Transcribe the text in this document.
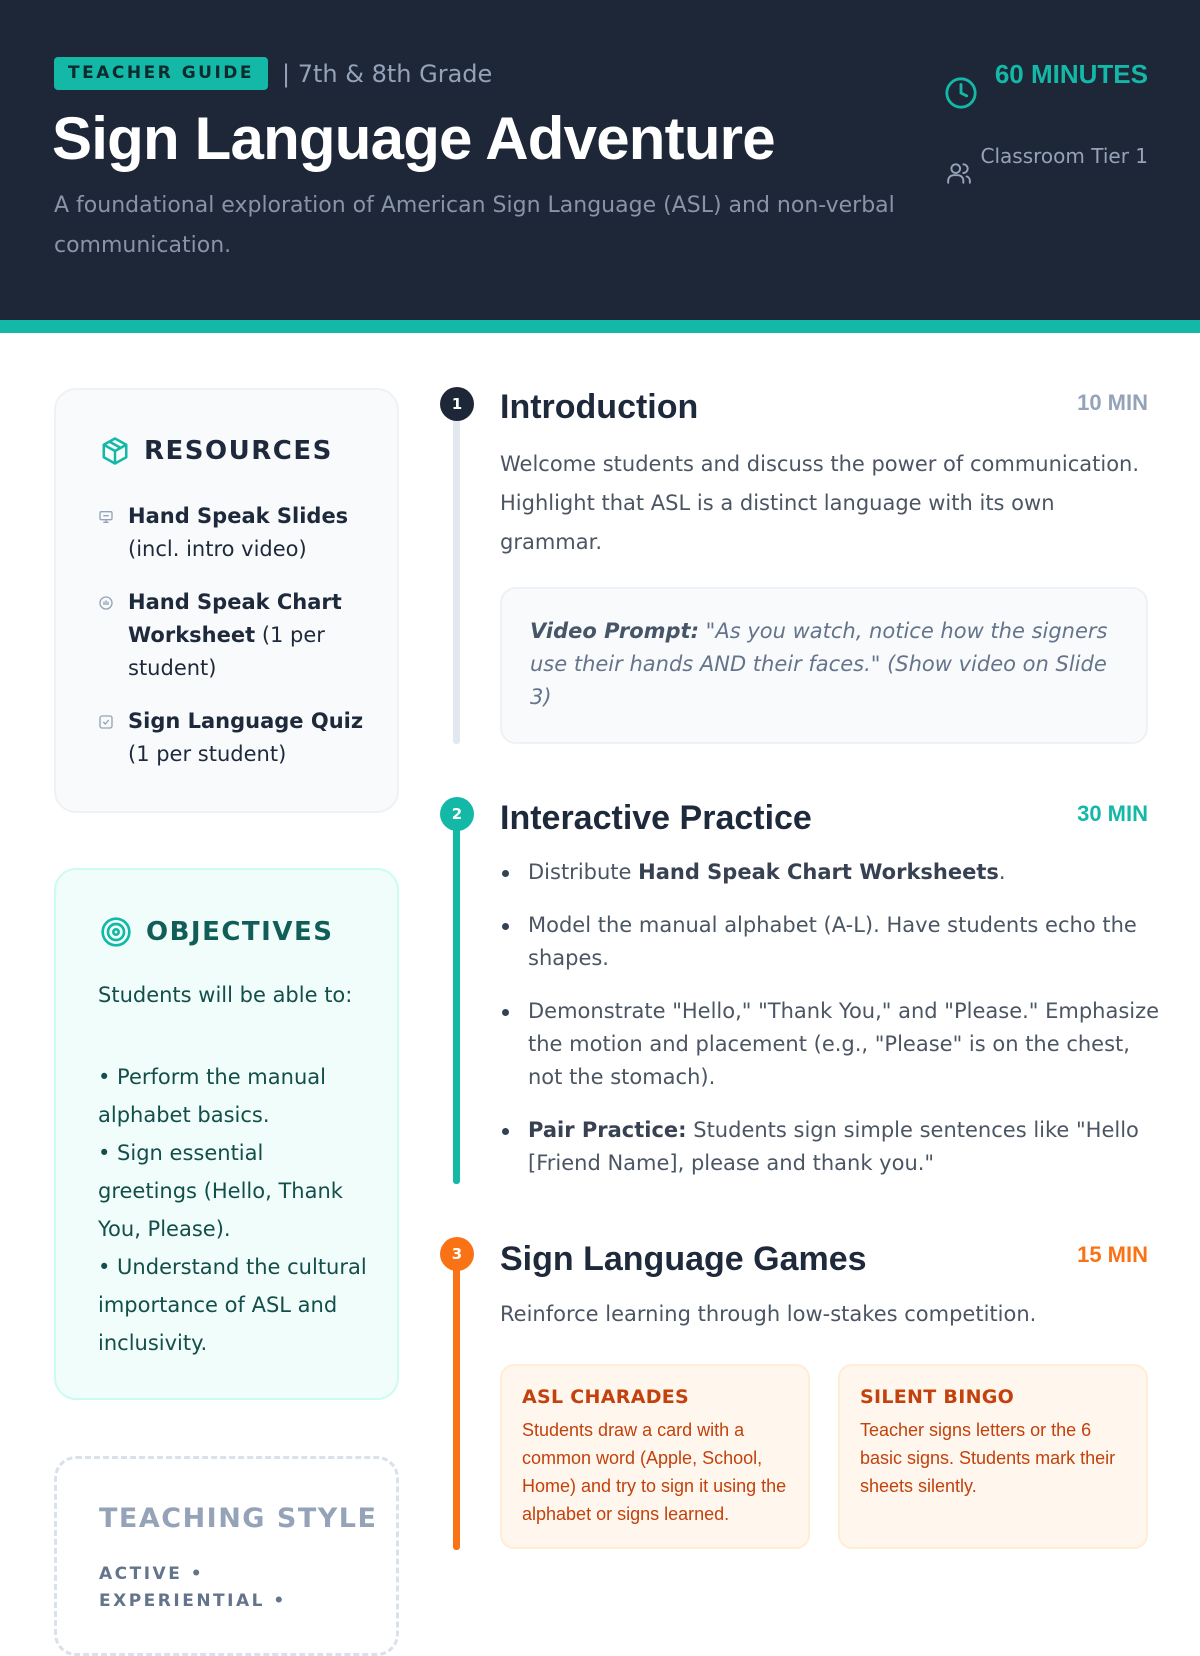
TEACHER GUIDE	| 7th & 8th Grade
Sign Language Adventure
A foundational exploration of American Sign Language (ASL) and non-verbal communication.
60 MINUTES
Classroom Tier 1
RESOURCES
Hand Speak Slides
(incl. intro video)
Hand Speak Chart Worksheet (1 per student)
Sign Language Quiz
(1 per student)
OBJECTIVES
Students will be able to:
• Perform the manual alphabet basics.
• Sign essential greetings (Hello, Thank You, Please).
• Understand the cultural importance of ASL and inclusivity.
TEACHING STYLE
ACTIVE • EXPERIENTIAL •
1	Introduction	10 MIN
Welcome students and discuss the power of communication. Highlight that ASL is a distinct language with its own grammar.
Video Prompt: "As you watch, notice how the signers use their hands AND their faces." (Show video on Slide 3)
2	Interactive Practice	30 MIN
Distribute Hand Speak Chart Worksheets.
Model the manual alphabet (A-L). Have students echo the shapes.
Demonstrate "Hello," "Thank You," and "Please." Emphasize the motion and placement (e.g., "Please" is on the chest, not the stomach).
Pair Practice: Students sign simple sentences like "Hello [Friend Name], please and thank you."
3	Sign Language Games	15 MIN
Reinforce learning through low-stakes competition.
ASL CHARADES
Students draw a card with a common word (Apple, School, Home) and try to sign it using the alphabet or signs learned.
SILENT BINGO
Teacher signs letters or the 6 basic signs. Students mark their sheets silently.
